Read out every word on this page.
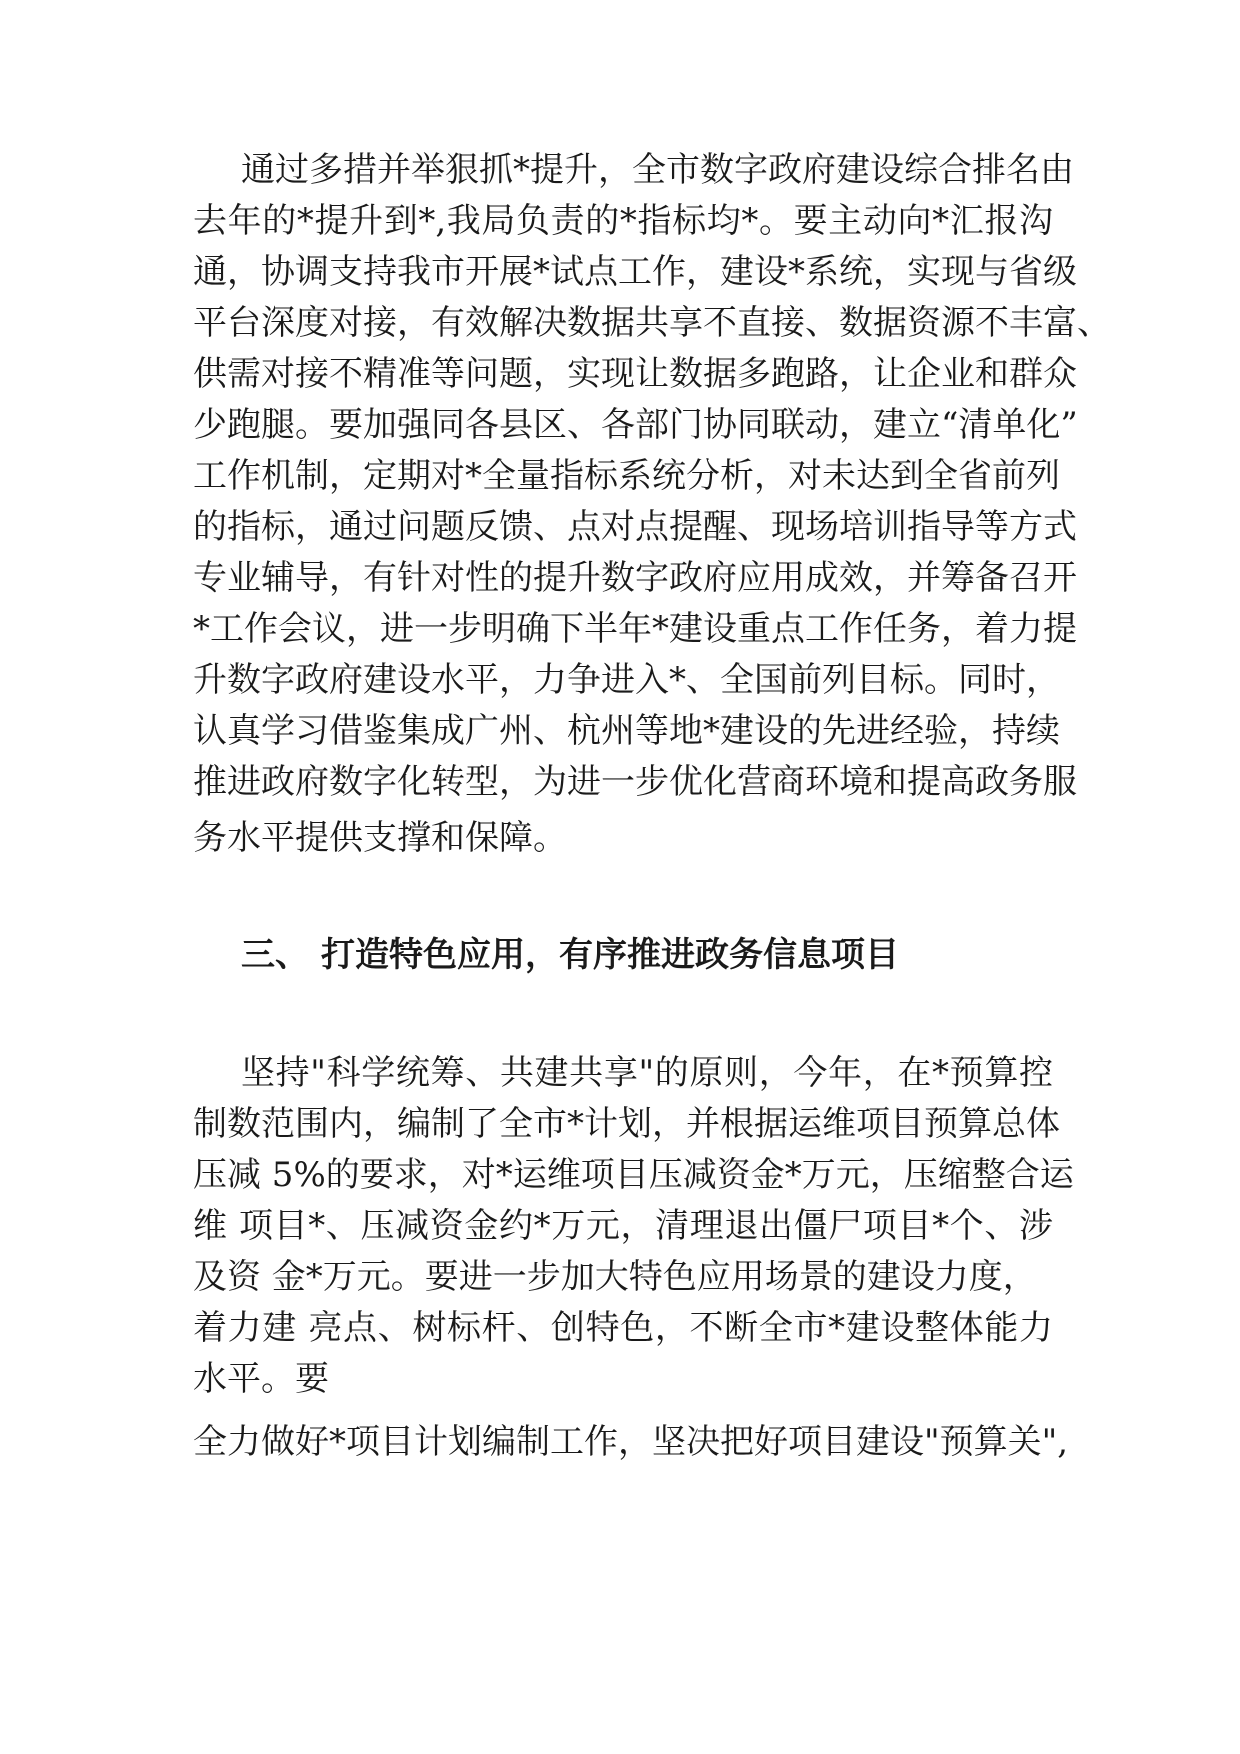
通过多措并举狠抓*提升，全市数字政府建设综合排名由
去年的*提升到*,我局负责的*指标均*。要主动向*汇报沟
通，协调支持我市开展*试点工作，建设*系统，实现与省级
平台深度对接，有效解决数据共享不直接、数据资源不丰富、
供需对接不精准等问题，实现让数据多跑路，让企业和群众
少跑腿。要加强同各县区、各部门协同联动，建立“清单化”
工作机制，定期对*全量指标系统分析，对未达到全省前列
的指标，通过问题反馈、点对点提醒、现场培训指导等方式
专业辅导，有针对性的提升数字政府应用成效，并筹备召开
*工作会议，进一步明确下半年*建设重点工作任务，着力提
升数字政府建设水平，力争进入*、全国前列目标。同时，
认真学习借鉴集成广州、杭州等地*建设的先进经验，持续
推进政府数字化转型，为进一步优化营商环境和提高政务服
务水平提供支撑和保障。
三、 打造特色应用，有序推进政务信息项目
坚持"科学统筹、共建共享"的原则，今年，在*预算控
制数范围内，编制了全市*计划，并根据运维项目预算总体
压减 5%的要求，对*运维项目压减资金*万元，压缩整合运
维 项目*、压减资金约*万元，清理退出僵尸项目*个、涉
及资 金*万元。要进一步加大特色应用场景的建设力度，
着力建 亮点、树标杆、创特色，不断全市*建设整体能力
水平。要
全力做好*项目计划编制工作，坚决把好项目建设"预算关",
